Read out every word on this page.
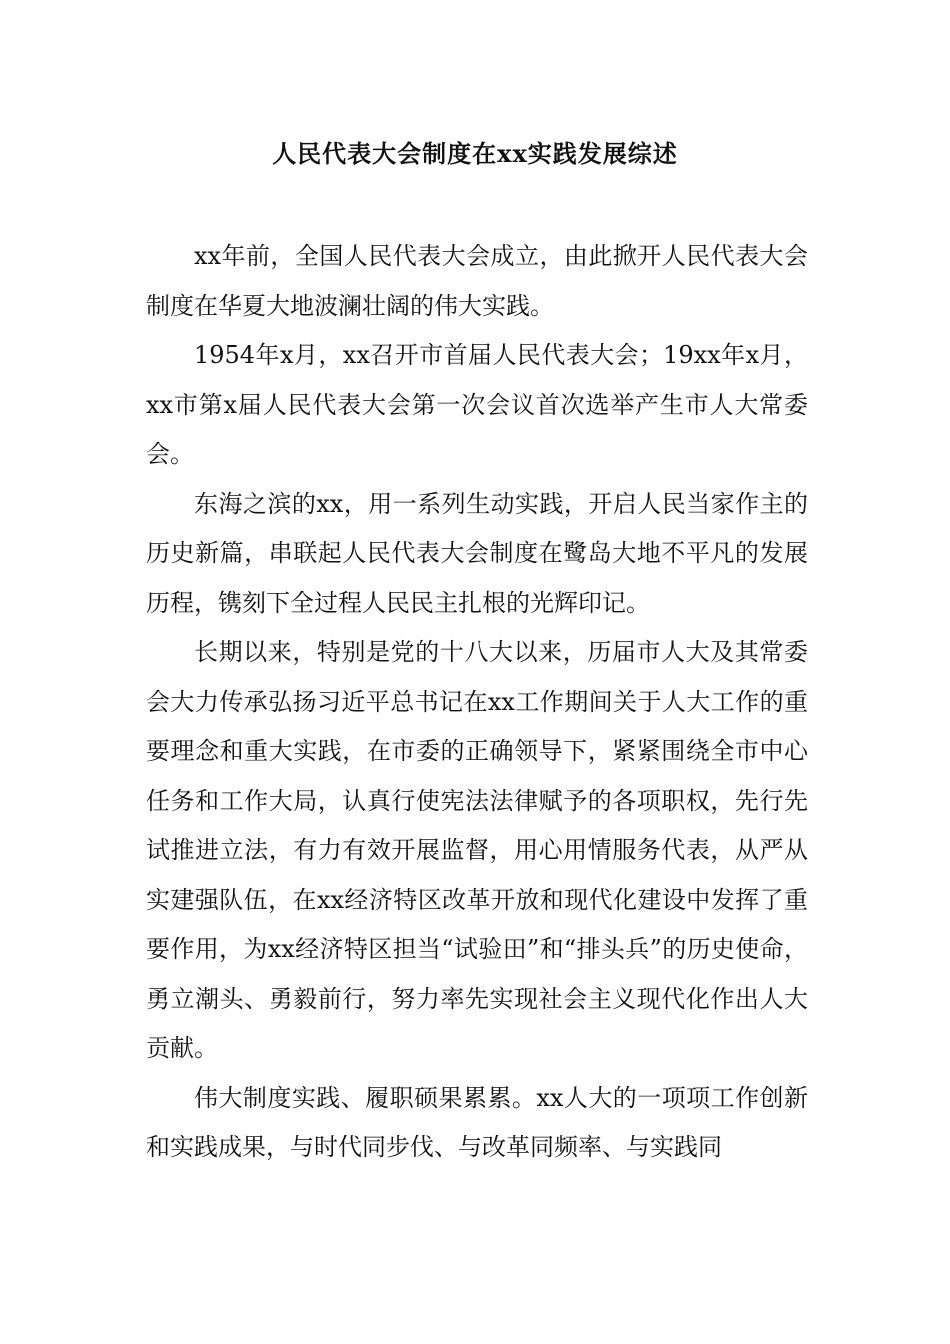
人民代表大会制度在xx实践发展综述

xx年前，全国人民代表大会成立，由此掀开人民代表大会制度在华夏大地波澜壮阔的伟大实践。

1954年x月，xx召开市首届人民代表大会；19xx年x月，xx市第x届人民代表大会第一次会议首次选举产生市人大常委会。

东海之滨的xx，用一系列生动实践，开启人民当家作主的历史新篇，串联起人民代表大会制度在鹭岛大地不平凡的发展历程，镌刻下全过程人民民主扎根的光辉印记。

长期以来，特别是党的十八大以来，历届市人大及其常委会大力传承弘扬习近平总书记在xx工作期间关于人大工作的重要理念和重大实践，在市委的正确领导下，紧紧围绕全市中心任务和工作大局，认真行使宪法法律赋予的各项职权，先行先试推进立法，有力有效开展监督，用心用情服务代表，从严从实建强队伍，在xx经济特区改革开放和现代化建设中发挥了重要作用，为xx经济特区担当“试验田”和“排头兵”的历史使命，勇立潮头、勇毅前行，努力率先实现社会主义现代化作出人大贡献。

伟大制度实践、履职硕果累累。xx人大的一项项工作创新和实践成果，与时代同步伐、与改革同频率、与实践同
